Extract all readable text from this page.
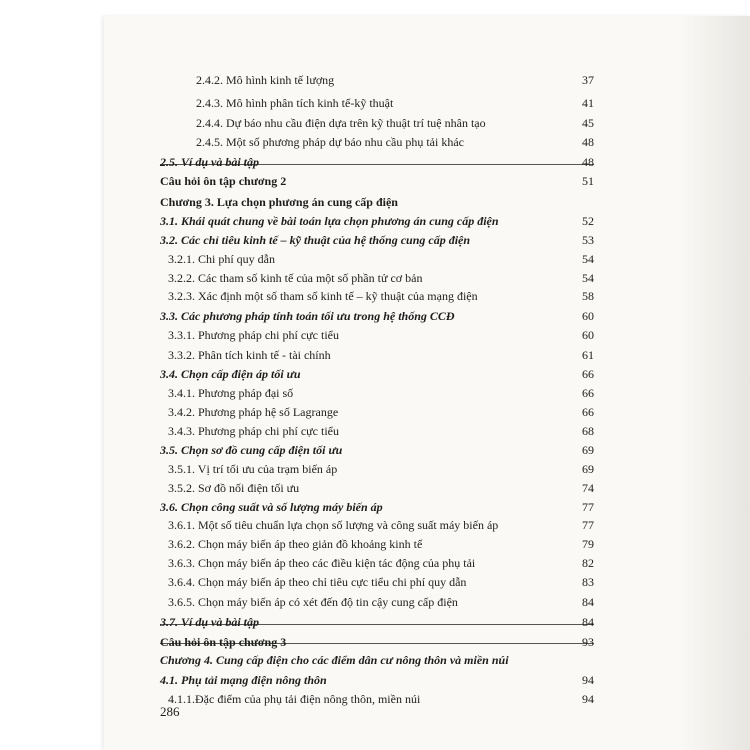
2.4.2. Mô hình kinh tế lượng	37
2.4.3. Mô hình phân tích kinh tế-kỹ thuật	41
2.4.4. Dự báo nhu cầu điện dựa trên kỹ thuật trí tuệ nhân tạo	45
2.4.5. Một số phương pháp dự báo nhu cầu phụ tải khác	48
2.5. Ví dụ và bài tập	48
Câu hỏi ôn tập chương 2	51
Chương 3. Lựa chọn phương án cung cấp điện
3.1. Khái quát chung về bài toán lựa chọn phương án cung cấp điện	52
3.2. Các chỉ tiêu kinh tế – kỹ thuật của hệ thống cung cấp điện	53
3.2.1. Chi phí quy dẫn	54
3.2.2. Các tham số kinh tế của một số phần tử cơ bản	54
3.2.3. Xác định một số tham số kinh tế – kỹ thuật của mạng điện	58
3.3. Các phương pháp tính toán tối ưu trong hệ thống CCĐ	60
3.3.1. Phương pháp chi phí cực tiểu	60
3.3.2. Phân tích kinh tế - tài chính	61
3.4. Chọn cấp điện áp tối ưu	66
3.4.1. Phương pháp đại số	66
3.4.2. Phương pháp hệ số Lagrange	66
3.4.3. Phương pháp chi phí cực tiểu	68
3.5. Chọn sơ đồ cung cấp điện tối ưu	69
3.5.1. Vị trí tối ưu của trạm biến áp	69
3.5.2. Sơ đồ nối điện tối ưu	74
3.6. Chọn công suất và số lượng máy biến áp	77
3.6.1. Một số tiêu chuẩn lựa chọn số lượng và công suất máy biến áp	77
3.6.2. Chọn máy biến áp theo giản đồ khoảng kinh tế	79
3.6.3. Chọn máy biến áp theo các điều kiện tác động của phụ tải	82
3.6.4. Chọn máy biến áp theo chỉ tiêu cực tiểu chi phí quy dẫn	83
3.6.5. Chọn máy biến áp có xét đến độ tin cậy cung cấp điện	84
3.7. Ví dụ và bài tập	84
Câu hỏi ôn tập chương 3	93
Chương 4. Cung cấp điện cho các điểm dân cư nông thôn và miền núi
4.1. Phụ tải mạng điện nông thôn	94
4.1.1.Đặc điểm của phụ tải điện nông thôn, miền núi	94
286
